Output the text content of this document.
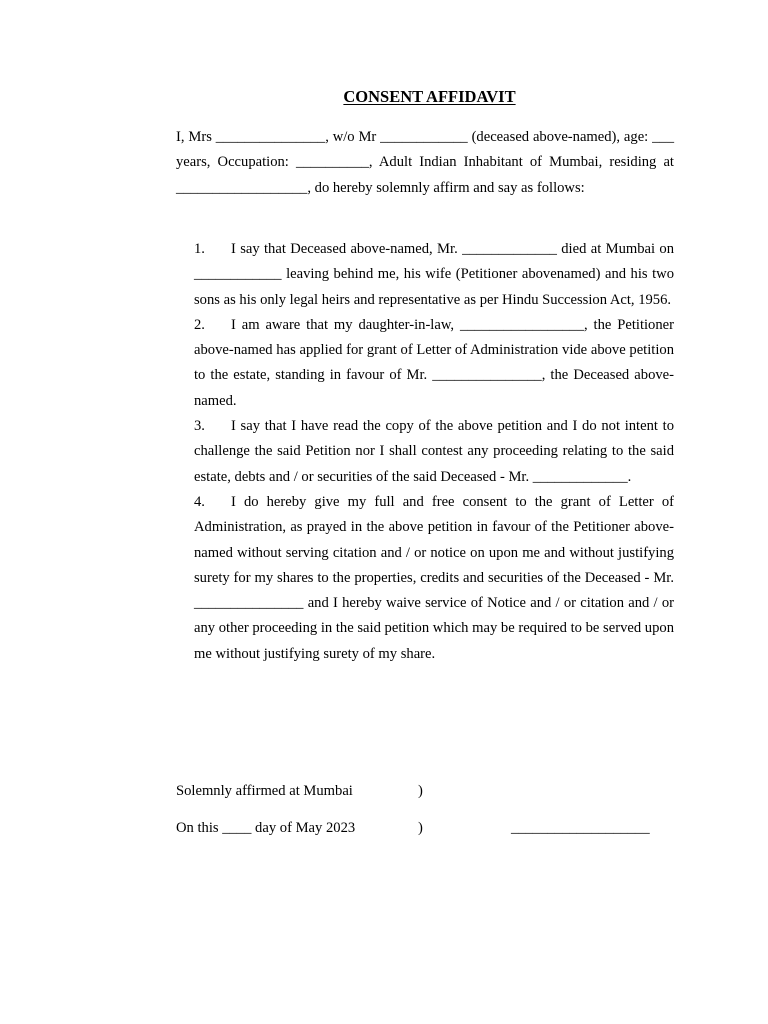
CONSENT AFFIDAVIT

I, Mrs _______________, w/o Mr ____________ (deceased above-named), age: ___ years, Occupation: __________, Adult Indian Inhabitant of Mumbai, residing at __________________, do hereby solemnly affirm and say as follows:

1. I say that Deceased above-named, Mr. _____________ died at Mumbai on ____________ leaving behind me, his wife (Petitioner abovenamed) and his two sons as his only legal heirs and representative as per Hindu Succession Act, 1956.
2. I am aware that my daughter-in-law, _________________, the Petitioner above-named has applied for grant of Letter of Administration vide above petition to the estate, standing in favour of Mr. _______________, the Deceased above-named.
3. I say that I have read the copy of the above petition and I do not intent to challenge the said Petition nor I shall contest any proceeding relating to the said estate, debts and / or securities of the said Deceased - Mr. _____________.
4. I do hereby give my full and free consent to the grant of Letter of Administration, as prayed in the above petition in favour of the Petitioner above-named without serving citation and / or notice on upon me and without justifying surety for my shares to the properties, credits and securities of the Deceased - Mr. _______________ and I hereby waive service of Notice and / or citation and / or any other proceeding in the said petition which may be required to be served upon me without justifying surety of my share.
Solemnly affirmed at Mumbai	)
On this ____ day of May 2023	)	___________________
